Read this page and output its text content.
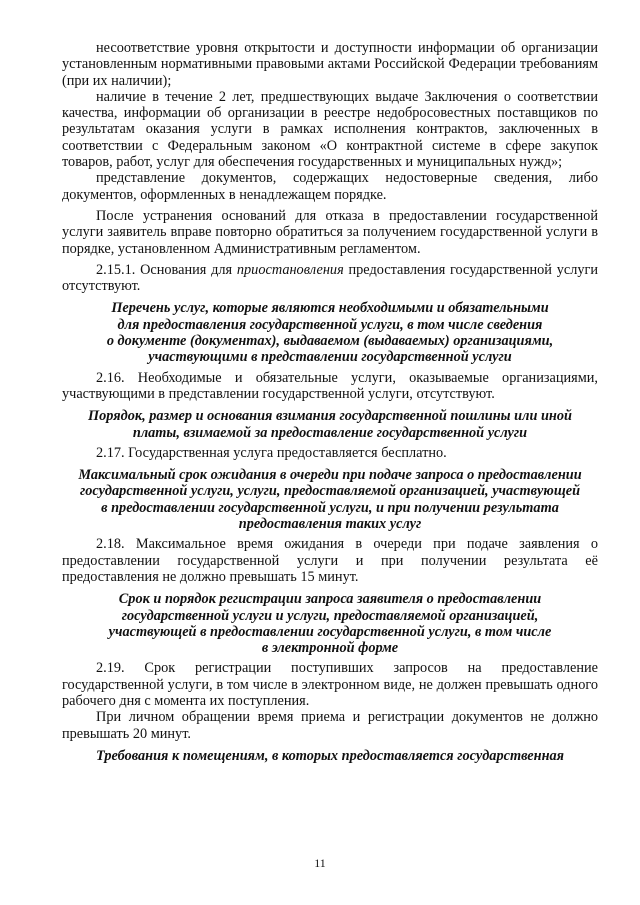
несоответствие уровня открытости и доступности информации об организации установленным нормативными правовыми актами Российской Федерации требованиям (при их наличии);

наличие в течение 2 лет, предшествующих выдаче Заключения о соответствии качества, информации об организации в реестре недобросовестных поставщиков по результатам оказания услуги в рамках исполнения контрактов, заключенных в соответствии с Федеральным законом «О контрактной системе в сфере закупок товаров, работ, услуг для обеспечения государственных и муниципальных нужд»;

представление документов, содержащих недостоверные сведения, либо документов, оформленных в ненадлежащем порядке.

После устранения оснований для отказа в предоставлении государственной услуги заявитель вправе повторно обратиться за получением государственной услуги в порядке, установленном Административным регламентом.

2.15.1. Основания для приостановления предоставления государственной услуги отсутствуют.

Перечень услуг, которые являются необходимыми и обязательными
для предоставления государственной услуги, в том числе сведения
о документе (документах), выдаваемом (выдаваемых) организациями,
участвующими в представлении государственной услуги

2.16. Необходимые и обязательные услуги, оказываемые организациями, участвующими в представлении государственной услуги, отсутствуют.

Порядок, размер и основания взимания государственной пошлины или иной
платы, взимаемой за предоставление государственной услуги

2.17. Государственная услуга предоставляется бесплатно.

Максимальный срок ожидания в очереди при подаче запроса о предоставлении
государственной услуги, услуги, предоставляемой организацией, участвующей
в предоставлении государственной услуги, и при получении результата
предоставления таких услуг

2.18. Максимальное время ожидания в очереди при подаче заявления о предоставлении государственной услуги и при получении результата её предоставления не должно превышать 15 минут.

Срок и порядок регистрации запроса заявителя о предоставлении
государственной услуги и услуги, предоставляемой организацией,
участвующей в предоставлении государственной услуги, в том числе
в электронной форме

2.19. Срок регистрации поступивших запросов на предоставление государственной услуги, в том числе в электронном виде, не должен превышать одного рабочего дня с момента их поступления.

При личном обращении время приема и регистрации документов не должно превышать 20 минут.

Требования к помещениям, в которых предоставляется государственная
11
